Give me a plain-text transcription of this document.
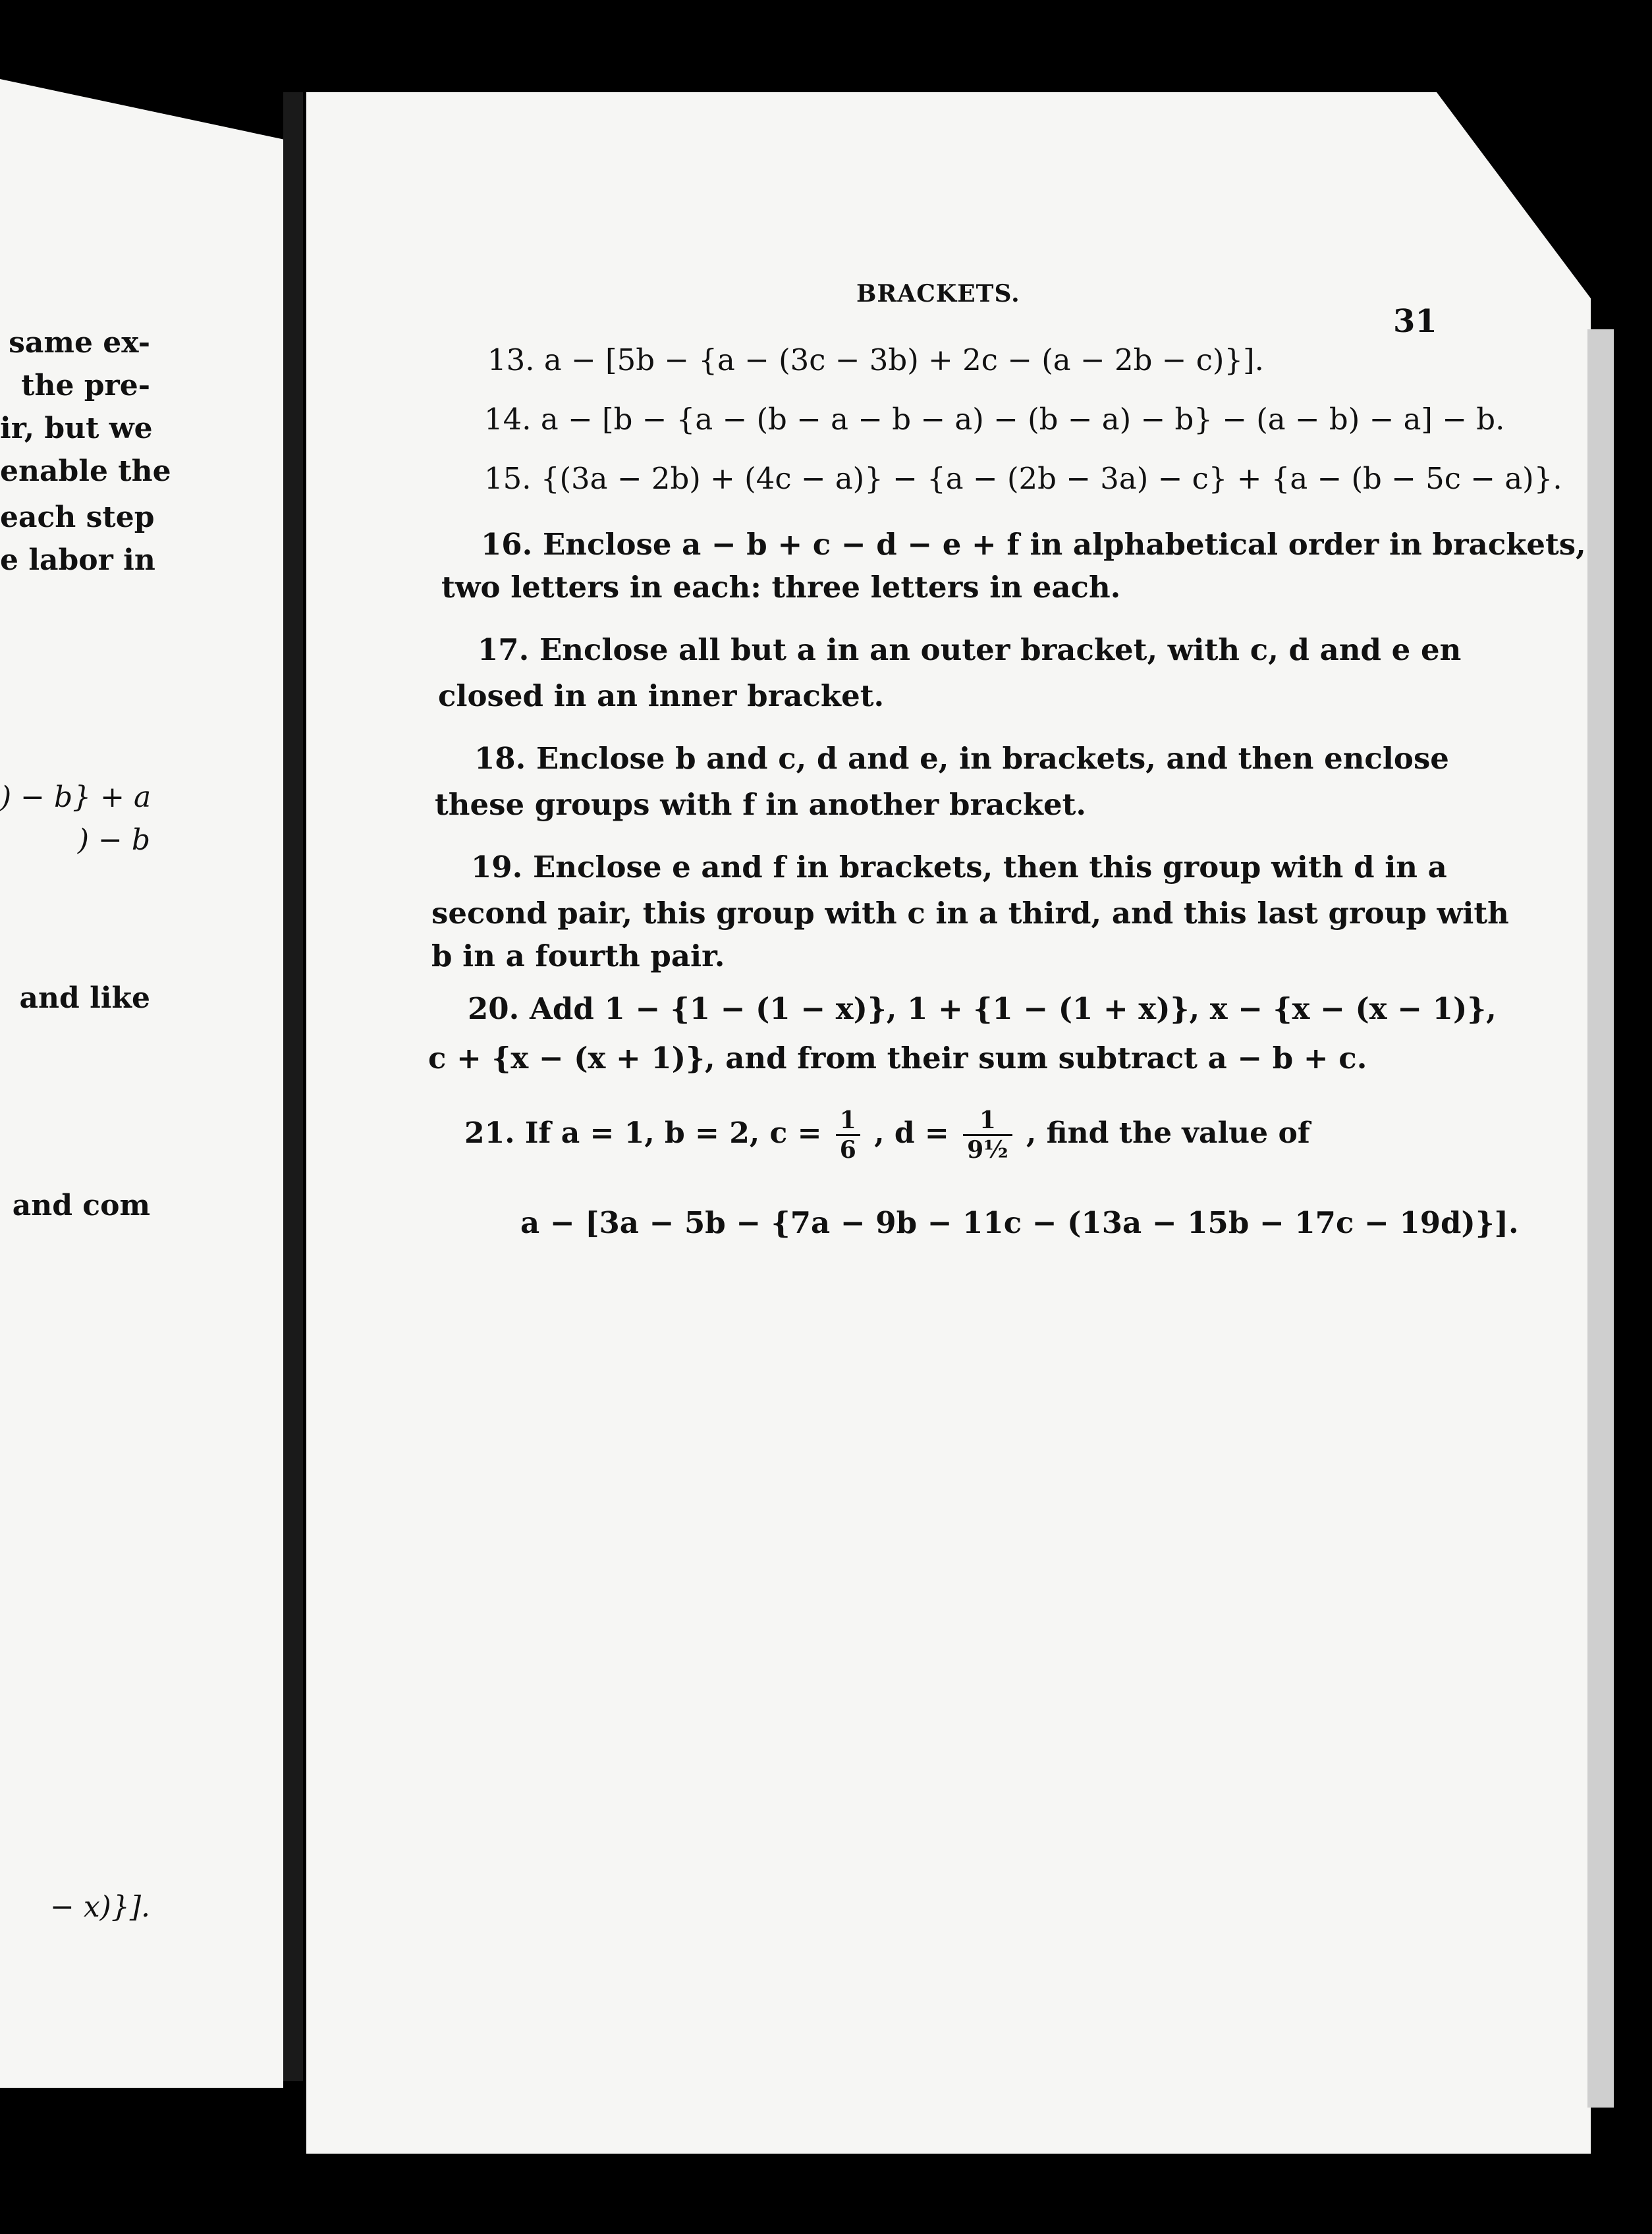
same ex-
the pre-
ir, but we
enable the
each step
e labor in
) − b} + a
) − b
and like
and com
− x)}].
BRACKETS.
31
13. a − [5b − {a − (3c − 3b) + 2c − (a − 2b − c)}].
14. a − [b − {a − (b − a − b − a) − (b − a) − b} − (a − b) − a] − b.
15. {(3a − 2b) + (4c − a)} − {a − (2b − 3a) − c} + {a − (b − 5c − a)}.
16. Enclose a − b + c − d − e + f in alphabetical order in brackets,
two letters in each: three letters in each.
17. Enclose all but a in an outer bracket, with c, d and e en
closed in an inner bracket.
18. Enclose b and c, d and e, in brackets, and then enclose
these groups with f in another bracket.
19. Enclose e and f in brackets, then this group with d in a
second pair, this group with c in a third, and this last group with
b in a fourth pair.
20. Add 1 − {1 − (1 − x)}, 1 + {1 − (1 + x)}, x − {x − (x − 1)},
c + {x − (x + 1)}, and from their sum subtract a − b + c.
21. If a = 1, b = 2, $c = \frac{1}{6}$ , $d = \frac{1}{\text{9½}}$ , find the value of
a − [3a − 5b − {7a − 9b − 11c − (13a − 15b − 17c − 19d)}].
